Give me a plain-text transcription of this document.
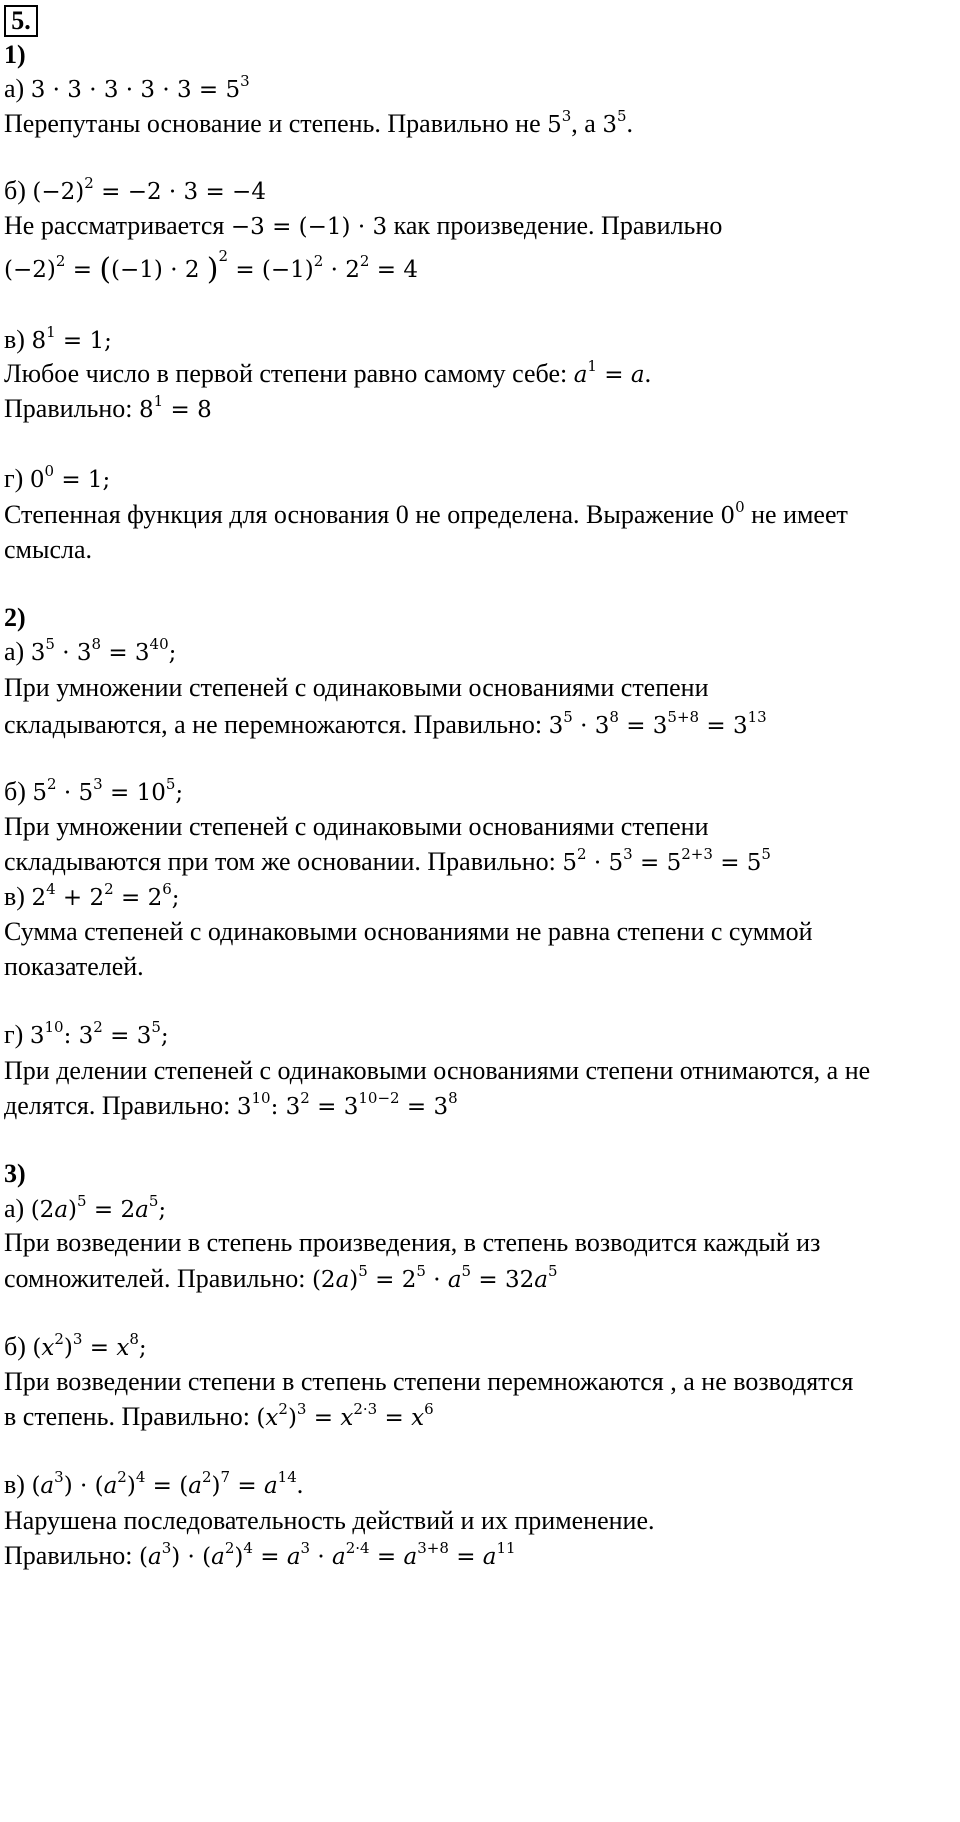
5.
1)
а) $3 \cdot 3 \cdot 3 \cdot 3 \cdot 3 = 5^3$
Перепутаны основание и степень. Правильно не $5^3$, а $3^5$.
б) $(-2)^2 = -2 \cdot 3 = -4$
Не рассматривается −3 = (−1) · 3 как произведение. Правильно
$(-2)^2 = ((-1) \cdot 2$ )$^2 = (-1)^2 \cdot 2^2 = 4$
в) $8^1 = 1$;
Любое число в первой степени равно самому себе: $a^1 = a$.
Правильно: $8^1 = 8$
г) $0^0 = 1$;
Степенная функция для основания 0 не определена. Выражение $0^0$ не имеет
смысла.
2)
а) $3^5 \cdot 3^8 = 3^{40}$;
При умножении степеней с одинаковыми основаниями степени
складываются, а не перемножаются. Правильно: $3^5 \cdot 3^8 = 3^{5+8} = 3^{13}$
б) $5^2 \cdot 5^3 = 10^5$;
При умножении степеней с одинаковыми основаниями степени
складываются при том же основании. Правильно: $5^2 \cdot 5^3 = 5^{2+3} = 5^5$
в) $2^4 + 2^2 = 2^6$;
Сумма степеней с одинаковыми основаниями не равна степени с суммой
показателей.
г) $3^{10}$: $3^2 = 3^5$;
При делении степеней с одинаковыми основаниями степени отнимаются, а не
делятся. Правильно: $3^{10}$: $3^2 = 3^{10-2} = 3^8$
3)
а) $(2a)^5 = 2a^5$;
При возведении в степень произведения, в степень возводится каждый из
сомножителей. Правильно: $(2a)^5 = 2^5 \cdot a^5 = 32a^5$
б) $(x^2)^3 = x^8$;
При возведении степени в степень степени перемножаются , а не возводятся
в степень. Правильно: $(x^2)^3 = x^{2\cdot 3} = x^6$
в) $(a^3) \cdot (a^2)^4 = (a^2)^7 = a^{14}$.
Нарушена последовательность действий и их применение.
Правильно: $(a^3) \cdot (a^2)^4 = a^3 \cdot a^{2\cdot 4} = a^{3+8} = a^{11}$
